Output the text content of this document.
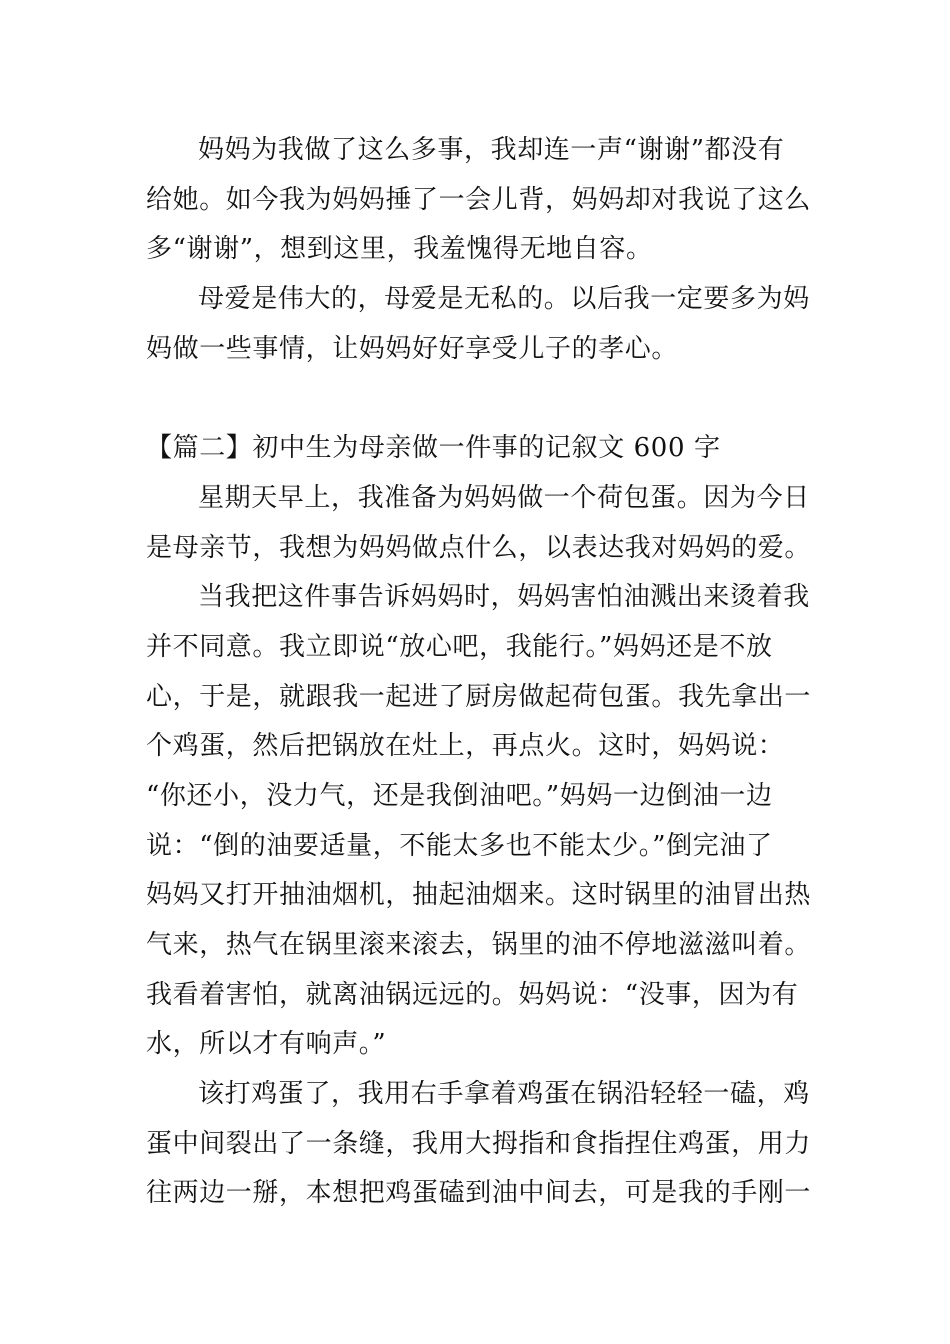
妈妈为我做了这么多事，我却连一声“谢谢”都没有
给她。如今我为妈妈捶了一会儿背，妈妈却对我说了这么
多“谢谢”，想到这里，我羞愧得无地自容。
母爱是伟大的，母爱是无私的。以后我一定要多为妈
妈做一些事情，让妈妈好好享受儿子的孝心。
【篇二】初中生为母亲做一件事的记叙文 600 字
星期天早上，我准备为妈妈做一个荷包蛋。因为今日
是母亲节，我想为妈妈做点什么，以表达我对妈妈的爱。
当我把这件事告诉妈妈时，妈妈害怕油溅出来烫着我
并不同意。我立即说“放心吧，我能行。”妈妈还是不放
心，于是，就跟我一起进了厨房做起荷包蛋。我先拿出一
个鸡蛋，然后把锅放在灶上，再点火。这时，妈妈说：
“你还小，没力气，还是我倒油吧。”妈妈一边倒油一边
说：“倒的油要适量，不能太多也不能太少。”倒完油了
妈妈又打开抽油烟机，抽起油烟来。这时锅里的油冒出热
气来，热气在锅里滚来滚去，锅里的油不停地滋滋叫着。
我看着害怕，就离油锅远远的。妈妈说：“没事，因为有
水，所以才有响声。”
该打鸡蛋了，我用右手拿着鸡蛋在锅沿轻轻一磕，鸡
蛋中间裂出了一条缝，我用大拇指和食指捏住鸡蛋，用力
往两边一掰，本想把鸡蛋磕到油中间去，可是我的手刚一
